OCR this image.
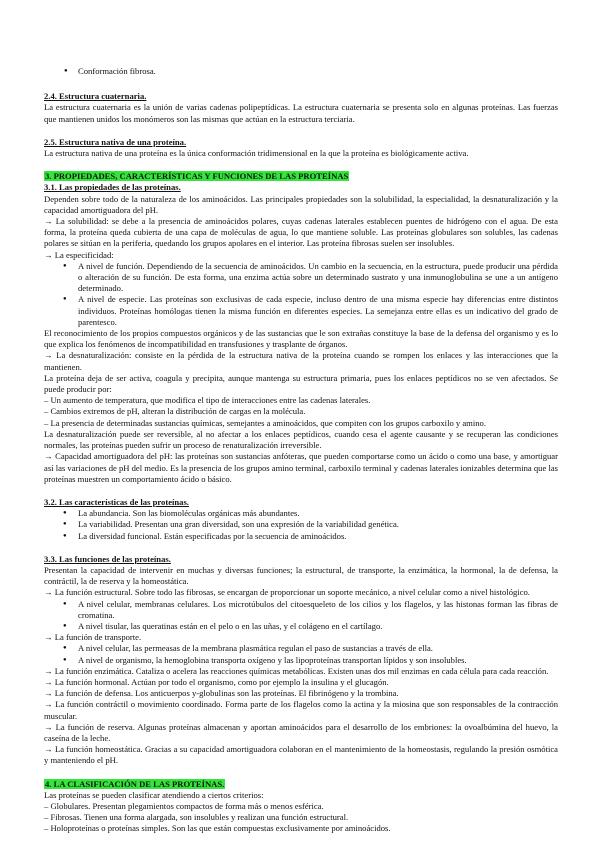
● Conformación fibrosa.

2.4. Estructura cuaternaria.

La estructura cuaternaria es la unión de varias cadenas polipeptídicas. La estructura cuaternaria se presenta solo en algunas proteínas. Las fuerzas que mantienen unidos los monómeros son las mismas que actúan en la estructura terciaria.

2.5. Estructura nativa de una proteína.

La estructura nativa de una proteína es la única conformación tridimensional en la que la proteína es biológicamente activa.

3. PROPIEDADES, CARACTERÍSTICAS Y FUNCIONES DE LAS PROTEÍNAS

3.1. Las propiedades de las proteínas.

Dependen sobre todo de la naturaleza de los aminoácidos. Las principales propiedades son la solubilidad, la especialidad, la desnaturalización y la capacidad amortiguadora del pH.

→ La solubilidad: se debe a la presencia de aminoácidos polares, cuyas cadenas laterales establecen puentes de hidrógeno con el agua. De esta forma, la proteína queda cubierta de una capa de moléculas de agua, lo que mantiene soluble. Las proteínas globulares son solubles, las cadenas polares se sitúan en la periferia, quedando los grupos apolares en el interior. Las proteína fibrosas suelen ser insolubles.

→ La especificidad:

● A nivel de función. Dependiendo de la secuencia de aminoácidos. Un cambio en la secuencia, en la estructura, puede producir una pérdida o alteración de su función. De esta forma, una enzima actúa sobre un determinado sustrato y una inmunoglobulina se une a un antígeno determinado.

● A nivel de especie. Las proteínas son exclusivas de cada especie, incluso dentro de una misma especie hay diferencias entre distintos individuos. Proteínas homólogas tienen la misma función en diferentes especies. La semejanza entre ellas es un indicativo del grado de parentesco.

El reconocimiento de los propios compuestos orgánicos y de las sustancias que le son extrañas constituye la base de la defensa del organismo y es lo que explica los fenómenos de incompatibilidad en transfusiones y trasplante de órganos.

→ La desnaturalización: consiste en la pérdida de la estructura nativa de la proteína cuando se rompen los enlaces y las interacciones que la mantienen.

La proteína deja de ser activa, coagula y precipita, aunque mantenga su estructura primaria, pues los enlaces peptídicos no se ven afectados. Se puede producir por:

– Un aumento de temperatura, que modifica el tipo de interacciones entre las cadenas laterales.

– Cambios extremos de pH, alteran la distribución de cargas en la molécula.

– La presencia de determinadas sustancias químicas, semejantes a aminoácidos, que compiten con los grupos carboxilo y amino.

La desnaturalización puede ser reversible, al no afectar a los enlaces peptídicos, cuando cesa el agente causante y se recuperan las condiciones normales, las proteínas pueden sufrir un proceso de renaturalización irreversible.

→ Capacidad amortiguadora del pH: las proteínas son sustancias anfóteras, que pueden comportarse como un ácido o como una base, y amortiguar así las variaciones de pH del medio. Es la presencia de los grupos amino terminal, carboxilo terminal y cadenas laterales ionizables determina que las proteínas muestren un comportamiento ácido o básico.

3.2. Las características de las proteínas.

● La abundancia. Son las biomoléculas orgánicas más abundantes.

● La variabilidad. Presentan una gran diversidad, son una expresión de la variabilidad genética.

● La diversidad funcional. Están especificadas por la secuencia de aminoácidos.

3.3. Las funciones de las proteínas.

Presentan la capacidad de intervenir en muchas y diversas funciones; la estructural, de transporte, la enzimática, la hormonal, la de defensa, la contráctil, la de reserva y la homeostática.

→ La función estructural. Sobre todo las fibrosas, se encargan de proporcionar un soporte mecánico, a nivel celular como a nivel histológico.

● A nivel celular, membranas celulares. Los microtúbulos del citoesqueleto de los cilios y los flagelos, y las histonas forman las fibras de cromatina.

● A nivel tisular, las queratinas están en el pelo o en las uñas, y el colágeno en el cartílago.

→ La función de transporte.

● A nivel celular, las permeasas de la membrana plasmática regulan el paso de sustancias a través de ella.

● A nivel de organismo, la hemoglobina transporta oxígeno y las lipoproteínas transportan lípidos y son insolubles.

→ La función enzimática. Cataliza o acelera las reacciones químicas metabólicas. Existen unas dos mil enzimas en cada célula para cada reacción.

→ La función hormonal. Actúan por todo el organismo, como por ejemplo la insulina y el glucagón.

→ La función de defensa. Los anticuerpos y-globulinas son las proteínas. El fibrinógeno y la trombina.

→ La función contráctil o movimiento coordinado. Forma parte de los flagelos como la actina y la miosina que son responsables de la contracción muscular.

→ La función de reserva. Algunas proteínas almacenan y aportan aminoácidos para el desarrollo de los embriones: la ovoalbúmina del huevo, la caseína de la leche.

→ La función homeostática. Gracias a su capacidad amortiguadora colaboran en el mantenimiento de la homeostasis, regulando la presión osmótica y manteniendo el pH.

4. LA CLASIFICACIÓN DE LAS PROTEÍNAS.

Las proteínas se pueden clasificar atendiendo a ciertos criterios:

– Globulares. Presentan plegamientos compactos de forma más o menos esférica.

– Fibrosas. Tienen una forma alargada, son insolubles y realizan una función estructural.

– Holoproteínas o proteínas simples. Son las que están compuestas exclusivamente por aminoácidos.
